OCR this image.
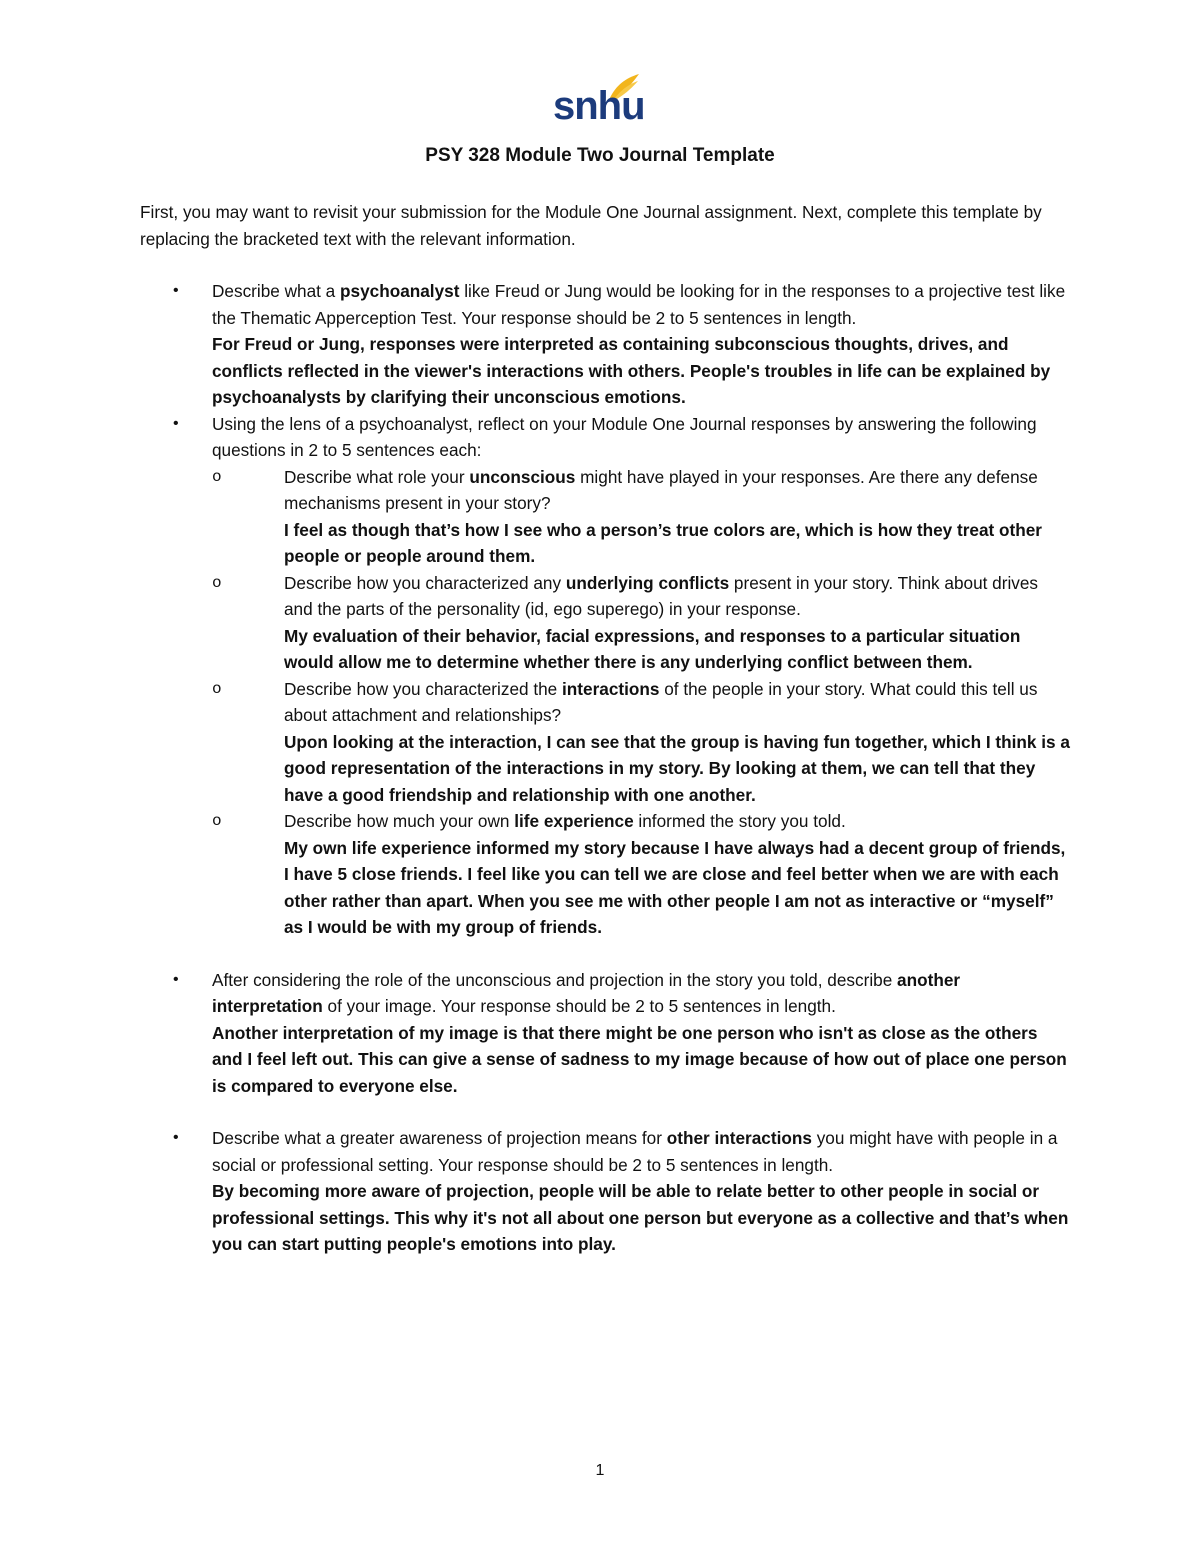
snhu
PSY 328 Module Two Journal Template

First, you may want to revisit your submission for the Module One Journal assignment. Next, complete this template by replacing the bracketed text with the relevant information.

• Describe what a psychoanalyst like Freud or Jung would be looking for in the responses to a projective test like the Thematic Apperception Test. Your response should be 2 to 5 sentences in length.

For Freud or Jung, responses were interpreted as containing subconscious thoughts, drives, and conflicts reflected in the viewer's interactions with others. People's troubles in life can be explained by psychoanalysts by clarifying their unconscious emotions.

• Using the lens of a psychoanalyst, reflect on your Module One Journal responses by answering the following questions in 2 to 5 sentences each:

o	Describe what role your unconscious might have played in your responses. Are there any defense mechanisms present in your story?

I feel as though that’s how I see who a person’s true colors are, which is how they treat other people or people around them.

o	Describe how you characterized any underlying conflicts present in your story. Think about drives and the parts of the personality (id, ego superego) in your response.

My evaluation of their behavior, facial expressions, and responses to a particular situation would allow me to determine whether there is any underlying conflict between them.

o	Describe how you characterized the interactions of the people in your story. What could this tell us about attachment and relationships?

Upon looking at the interaction, I can see that the group is having fun together, which I think is a good representation of the interactions in my story. By looking at them, we can tell that they have a good friendship and relationship with one another.

o	Describe how much your own life experience informed the story you told.

My own life experience informed my story because I have always had a decent group of friends, I have 5 close friends. I feel like you can tell we are close and feel better when we are with each other rather than apart. When you see me with other people I am not as interactive or “myself” as I would be with my group of friends.

• After considering the role of the unconscious and projection in the story you told, describe another interpretation of your image. Your response should be 2 to 5 sentences in length.

Another interpretation of my image is that there might be one person who isn't as close as the others and I feel left out. This can give a sense of sadness to my image because of how out of place one person is compared to everyone else.

• Describe what a greater awareness of projection means for other interactions you might have with people in a social or professional setting. Your response should be 2 to 5 sentences in length.

By becoming more aware of projection, people will be able to relate better to other people in social or professional settings. This why it's not all about one person but everyone as a collective and that’s when you can start putting people's emotions into play.

1
